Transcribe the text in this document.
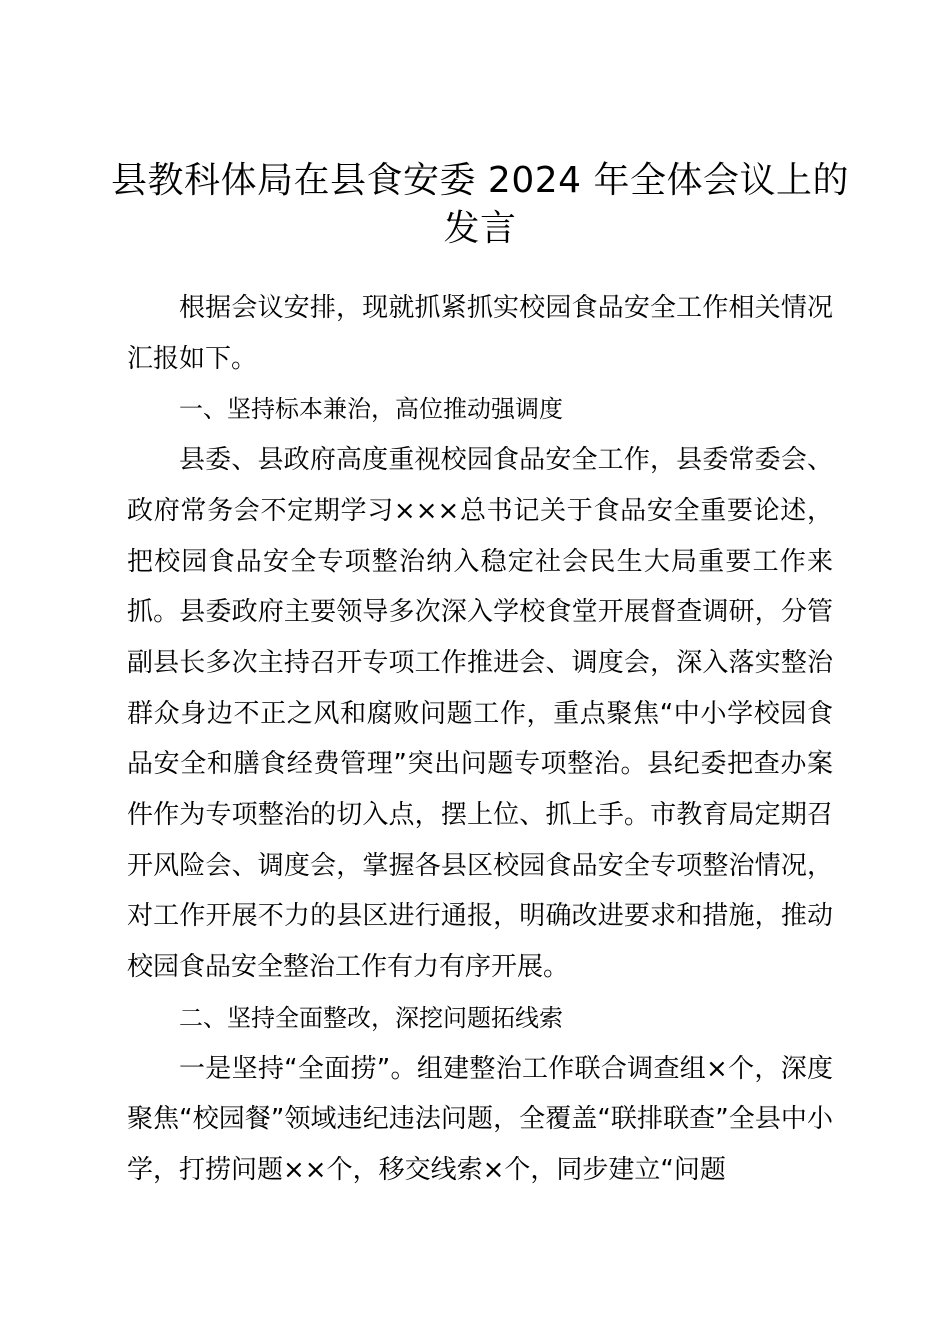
县教科体局在县食安委 2024 年全体会议上的
发言

根据会议安排，现就抓紧抓实校园食品安全工作相关情况汇报如下。

一、坚持标本兼治，高位推动强调度

县委、县政府高度重视校园食品安全工作，县委常委会、政府常务会不定期学习×××总书记关于食品安全重要论述，把校园食品安全专项整治纳入稳定社会民生大局重要工作来抓。县委政府主要领导多次深入学校食堂开展督查调研，分管副县长多次主持召开专项工作推进会、调度会，深入落实整治群众身边不正之风和腐败问题工作，重点聚焦“中小学校园食品安全和膳食经费管理”突出问题专项整治。县纪委把查办案件作为专项整治的切入点，摆上位、抓上手。市教育局定期召开风险会、调度会，掌握各县区校园食品安全专项整治情况，对工作开展不力的县区进行通报，明确改进要求和措施，推动校园食品安全整治工作有力有序开展。

二、坚持全面整改，深挖问题拓线索

一是坚持“全面捞”。组建整治工作联合调查组×个，深度聚焦“校园餐”领域违纪违法问题，全覆盖“联排联查”全县中小学，打捞问题××个，移交线索×个，同步建立“问题
